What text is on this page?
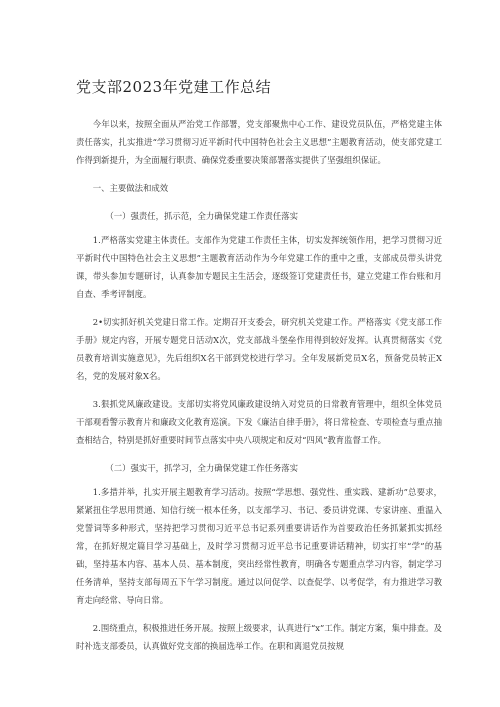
党支部2023年党建工作总结

今年以来，按照全面从严治党工作部署，党支部聚焦中心工作、建设党员队伍，严格党建主体责任落实，扎实推进“学习贯彻习近平新时代中国特色社会主义思想”主题教育活动，使支部党建工作得到新提升，为全面履行职责、确保党委重要决策部署落实提供了坚强组织保证。

一、主要做法和成效
（一）强责任，抓示范，全力确保党建工作责任落实

1.严格落实党建主体责任。支部作为党建工作责任主体，切实发挥统领作用，把学习贯彻习近平新时代中国特色社会主义思想”主题教育活动作为今年党建工作的重中之重，支部成员带头讲党课，带头参加专题研讨，认真参加专题民主生活会，逐级签订党建责任书，建立党建工作台账和月自查、季考评制度。

2•切实抓好机关党建日常工作。定期召开支委会，研究机关党建工作。严格落实《党支部工作手册》规定内容，开展专题党日活动X次，党支部战斗堡垒作用得到较好发挥。认真贯彻落实《党员教育培训实施意见》，先后组织X名干部到党校进行学习。全年发展新党员X名，预备党员转正X名，党的发展对象X名。

3.狠抓党风廉政建设。支部切实将党风廉政建设纳入对党员的日常教育管理中，组织全体党员干部观看警示教育片和廉政文化教育巡演。下发《廉洁自律手册》，将日常检查、专项检查与重点抽查相结合，特别是抓好重要时间节点落实中央八项规定和反对“四风”教育监督工作。

（二）强实干，抓学习，全力确保党建工作任务落实

1.多措并举，扎实开展主题教育学习活动。按照“学思想、强党性、重实践、建新功”总要求，紧紧扭住学思用贯通、知信行统一根本任务，以支部学习、书记、委员讲党课、专家讲座、重温入党誓词等多种形式，坚持把学习贯彻习近平总书记系列重要讲话作为首要政治任务抓紧抓实抓经常，在抓好规定篇目学习基础上，及时学习贯彻习近平总书记重要讲话精神，切实打牢“学”的基础，坚持基本内容、基本人员、基本制度，突出经常性教育，明确各专题重点学习内容，制定学习任务清单，坚持支部每周五下午学习制度。通过以问促学、以查促学、以考促学，有力推进学习教育走向经常、导向日常。

2.围绕重点，积极推进任务开展。按照上级要求，认真进行“x”工作。制定方案，集中排查。及时补选支部委员，认真做好党支部的换届选举工作。在职和离退党员按规
